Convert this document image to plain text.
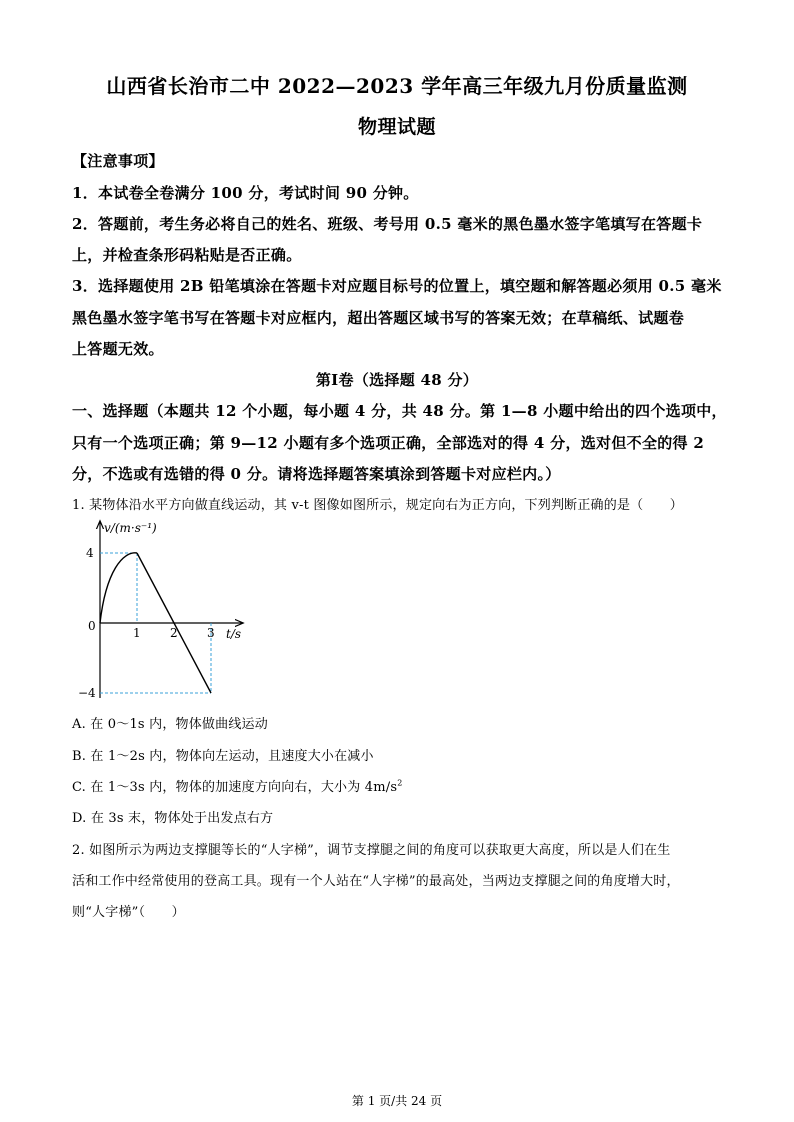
山西省长治市二中 2022—2023 学年高三年级九月份质量监测
物理试题
【注意事项】
1．本试卷全卷满分 100 分，考试时间 90 分钟。
2．答题前，考生务必将自己的姓名、班级、考号用 0.5 毫米的黑色墨水签字笔填写在答题卡
上，并检查条形码粘贴是否正确。
3．选择题使用 2B 铅笔填涂在答题卡对应题目标号的位置上，填空题和解答题必须用 0.5 毫米
黑色墨水签字笔书写在答题卡对应框内，超出答题区域书写的答案无效；在草稿纸、试题卷
上答题无效。
第Ⅰ卷（选择题 48 分）
一、选择题（本题共 12 个小题，每小题 4 分，共 48 分。第 1—8 小题中给出的四个选项中，
只有一个选项正确；第 9—12 小题有多个选项正确，全部选对的得 4 分，选对但不全的得 2
分，不选或有选错的得 0 分。请将选择题答案填涂到答题卡对应栏内。）
1. 某物体沿水平方向做直线运动，其 v-t 图像如图所示，规定向右为正方向，下列判断正确的是（　　）
v/(m·s⁻¹)
4
−4
0	1 2 3 t/s
A. 在 0～1s 内，物体做曲线运动
B. 在 1～2s 内，物体向左运动，且速度大小在减小
C. 在 1～3s 内，物体的加速度方向向右，大小为 $4m/s^2$
D. 在 3s 末，物体处于出发点右方
2. 如图所示为两边支撑腿等长的“人字梯”，调节支撑腿之间的角度可以获取更大高度，所以是人们在生
活和工作中经常使用的登高工具。现有一个人站在“人字梯”的最高处，当两边支撑腿之间的角度增大时，
则“人字梯”（　　）
第 1 页/共 24 页
